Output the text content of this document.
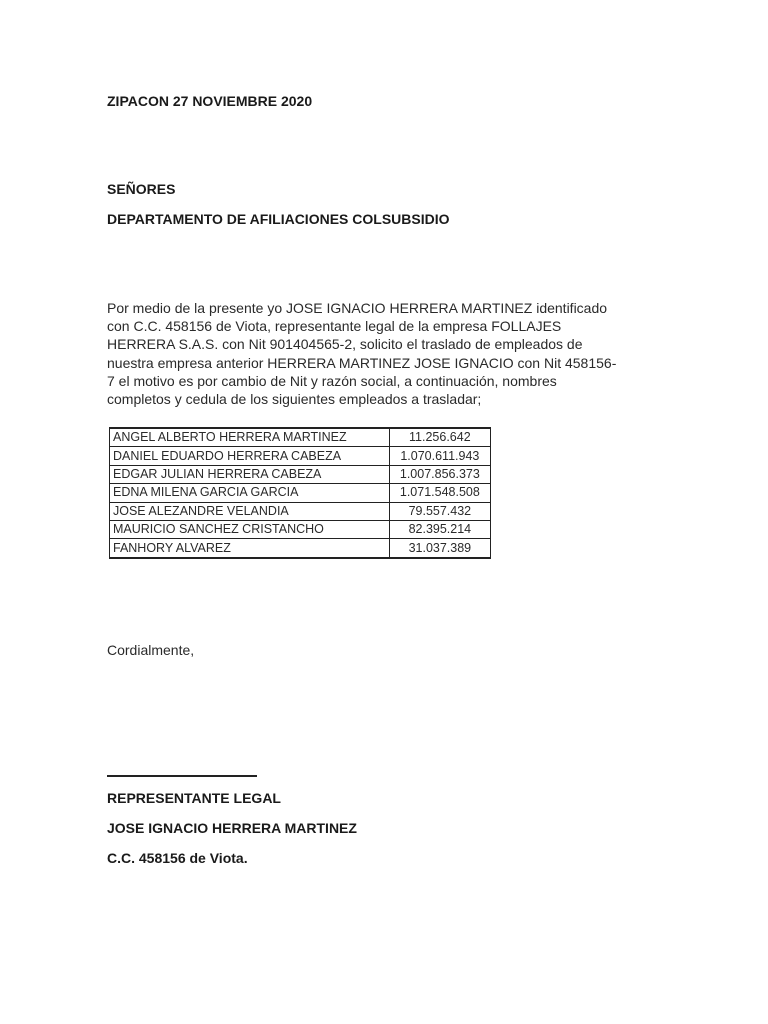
ZIPACON 27 NOVIEMBRE 2020
SEÑORES
DEPARTAMENTO DE AFILIACIONES COLSUBSIDIO
Por medio de la presente yo JOSE IGNACIO HERRERA MARTINEZ identificado
con C.C. 458156 de Viota, representante legal de la empresa FOLLAJES
HERRERA S.A.S. con Nit 901404565-2, solicito el traslado de empleados de
nuestra empresa anterior HERRERA MARTINEZ JOSE IGNACIO con Nit 458156-
7 el motivo es por cambio de Nit y razón social, a continuación, nombres
completos y cedula de los siguientes empleados a trasladar;
ANGEL ALBERTO HERRERA MARTINEZ	11.256.642
DANIEL EDUARDO HERRERA CABEZA	1.070.611.943
EDGAR JULIAN HERRERA CABEZA	1.007.856.373
EDNA MILENA GARCIA GARCIA	1.071.548.508
JOSE ALEZANDRE VELANDIA	79.557.432
MAURICIO SANCHEZ CRISTANCHO	82.395.214
FANHORY ALVAREZ	31.037.389
Cordialmente,
REPRESENTANTE LEGAL
JOSE IGNACIO HERRERA MARTINEZ
C.C. 458156 de Viota.
